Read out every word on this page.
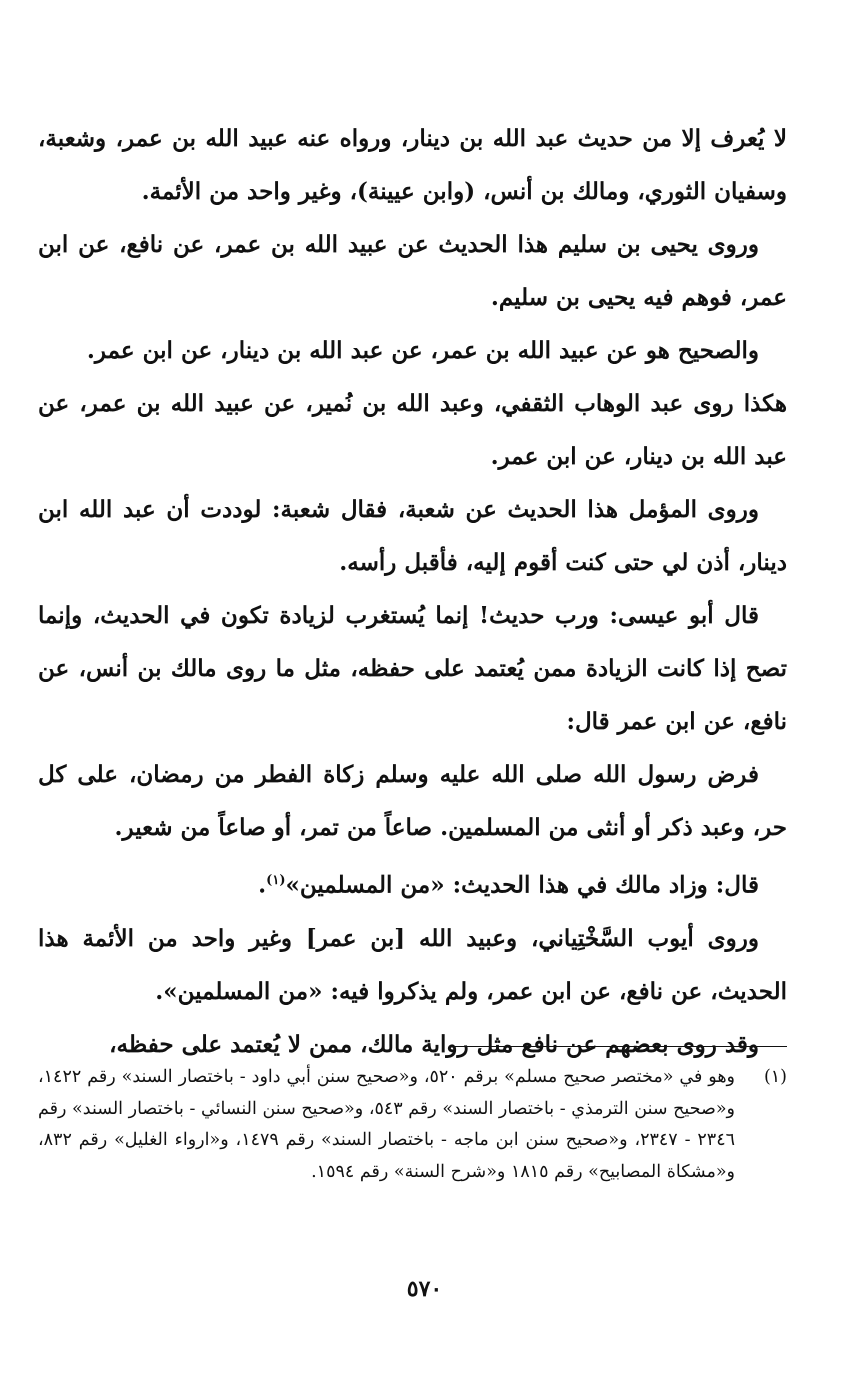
لا يُعرف إلا من حديث عبد الله بن دينار، ورواه عنه عبيد الله بن عمر، وشعبة، وسفيان الثوري، ومالك بن أنس، (وابن عيينة)، وغير واحد من الأئمة.

وروى يحيى بن سليم هذا الحديث عن عبيد الله بن عمر، عن نافع، عن ابن عمر، فوهم فيه يحيى بن سليم.

والصحيح هو عن عبيد الله بن عمر، عن عبد الله بن دينار، عن ابن عمر.

هكذا روى عبد الوهاب الثقفي، وعبد الله بن نُمير، عن عبيد الله بن عمر، عن عبد الله بن دينار، عن ابن عمر.

وروى المؤمل هذا الحديث عن شعبة، فقال شعبة: لوددت أن عبد الله ابن دينار، أذن لي حتى كنت أقوم إليه، فأقبل رأسه.

قال أبو عيسى: ورب حديث! إنما يُستغرب لزيادة تكون في الحديث، وإنما تصح إذا كانت الزيادة ممن يُعتمد على حفظه، مثل ما روى مالك بن أنس، عن نافع، عن ابن عمر قال:

فرض رسول الله صلى الله عليه وسلم زكاة الفطر من رمضان، على كل حر، وعبد ذكر أو أنثى من المسلمين. صاعاً من تمر، أو صاعاً من شعير.

قال: وزاد مالك في هذا الحديث: «من المسلمين»$^{(١)}$.

وروى أيوب السَّخْتِياني، وعبيد الله [بن عمر] وغير واحد من الأئمة هذا الحديث، عن نافع، عن ابن عمر، ولم يذكروا فيه: «من المسلمين».

وقد روى بعضهم عن نافع مثل رواية مالك، ممن لا يُعتمد على حفظه،

(١)
وهو في «مختصر صحيح مسلم» برقم ٥٢٠، و«صحيح سنن أبي داود - باختصار السند» رقم ١٤٢٢، و«صحيح سنن الترمذي - باختصار السند» رقم ٥٤٣، و«صحيح سنن النسائي - باختصار السند» رقم ٢٣٤٦ - ٢٣٤٧، و«صحيح سنن ابن ماجه - باختصار السند» رقم ١٤٧٩، و«ارواء الغليل» رقم ٨٣٢، و«مشكاة المصابيح» رقم ١٨١٥ و«شرح السنة» رقم ١٥٩٤.
٥٧٠
